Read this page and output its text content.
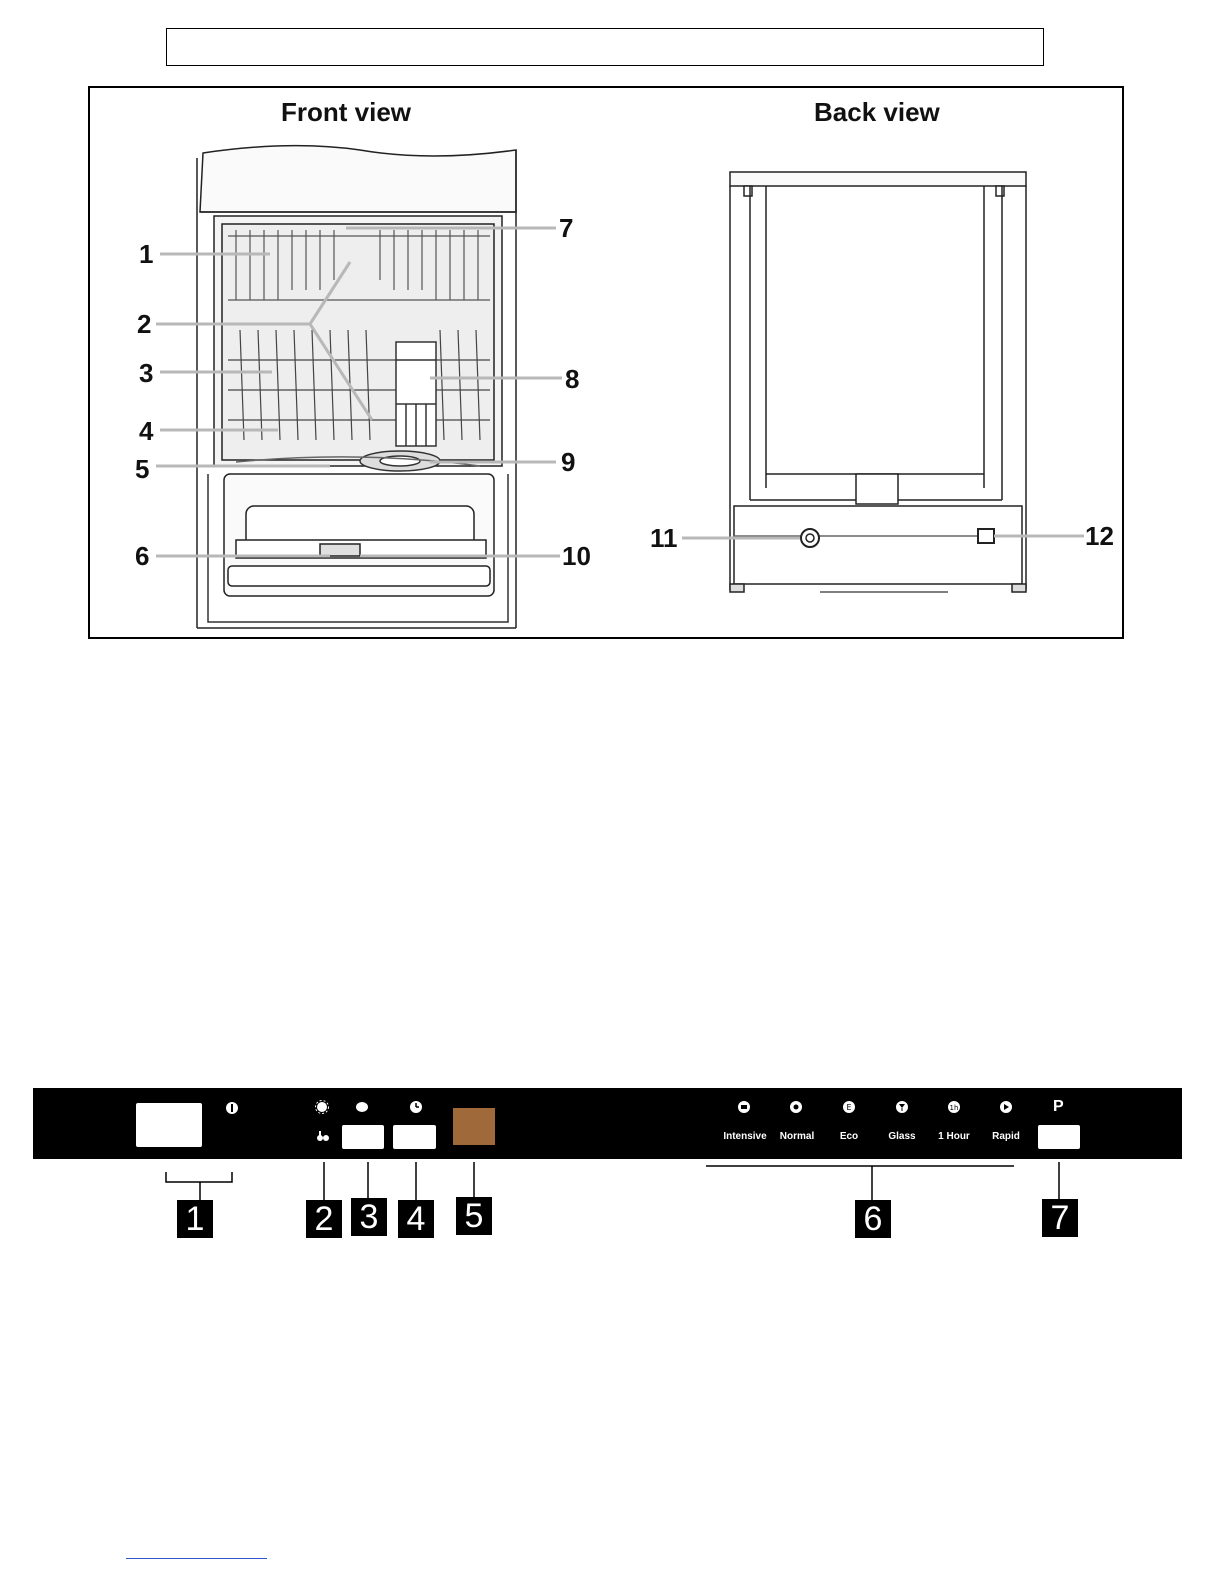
Front view	Back view
1
2
3
4
5
6
7
8
9
10
11	12
E	1h
Intensive	Normal	Eco	Glass	1 Hour	Rapid
P
1	2 3 4 5	6	7
